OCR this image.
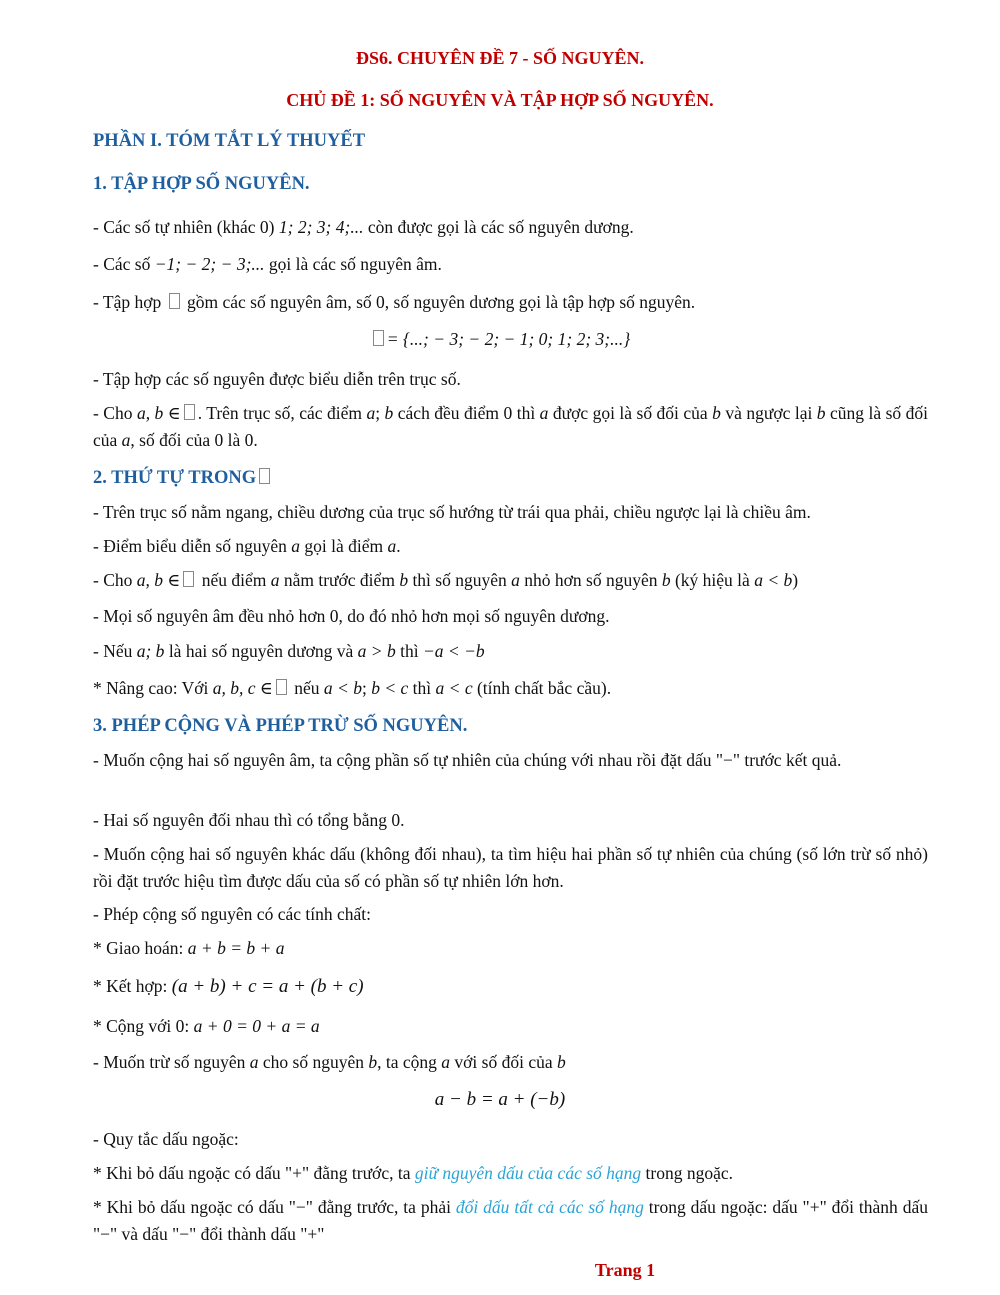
ĐS6. CHUYÊN ĐỀ 7 - SỐ NGUYÊN.
CHỦ ĐỀ 1: SỐ NGUYÊN VÀ TẬP HỢP SỐ NGUYÊN.
PHẦN I. TÓM TẮT LÝ THUYẾT
1. TẬP HỢP SỐ NGUYÊN.
- Các số tự nhiên (khác 0) 1; 2; 3; 4;... còn được gọi là các số nguyên dương.
- Các số −1; − 2; − 3;... gọi là các số nguyên âm.
- Tập hợp  gồm các số nguyên âm, số 0, số nguyên dương gọi là tập hợp số nguyên.
= {...; − 3; − 2; − 1; 0; 1; 2; 3;...}
- Tập hợp các số nguyên được biểu diễn trên trục số.
- Cho a, b ∈ . Trên trục số, các điểm a; b cách đều điểm 0 thì a được gọi là số đối của b và ngược lại b cũng là số đối của a, số đối của 0 là 0.
2. THỨ TỰ TRONG
- Trên trục số nằm ngang, chiều dương của trục số hướng từ trái qua phải, chiều ngược lại là chiều âm.
- Điểm biểu diễn số nguyên a gọi là điểm a.
- Cho a, b ∈ nếu điểm a nằm trước điểm b thì số nguyên a nhỏ hơn số nguyên b (ký hiệu là a < b)
- Mọi số nguyên âm đều nhỏ hơn 0, do đó nhỏ hơn mọi số nguyên dương.
- Nếu a; b là hai số nguyên dương và a > b thì −a < −b
* Nâng cao: Với a, b, c ∈ nếu a < b; b < c thì a < c (tính chất bắc cầu).
3. PHÉP CỘNG VÀ PHÉP TRỪ SỐ NGUYÊN.
- Muốn cộng hai số nguyên âm, ta cộng phần số tự nhiên của chúng với nhau rồi đặt dấu "−" trước kết quả.
- Hai số nguyên đối nhau thì có tổng bằng 0.
- Muốn cộng hai số nguyên khác dấu (không đối nhau), ta tìm hiệu hai phần số tự nhiên của chúng (số lớn trừ số nhỏ) rồi đặt trước hiệu tìm được dấu của số có phần số tự nhiên lớn hơn.
- Phép cộng số nguyên có các tính chất:
* Giao hoán: a + b = b + a
* Kết hợp: (a + b) + c = a + (b + c)
* Cộng với 0: a + 0 = 0 + a = a
- Muốn trừ số nguyên a cho số nguyên b, ta cộng a với số đối của b
a − b = a + (−b)
- Quy tắc dấu ngoặc:
* Khi bỏ dấu ngoặc có dấu "+" đằng trước, ta giữ nguyên dấu của các số hạng trong ngoặc.
* Khi bỏ dấu ngoặc có dấu "−" đằng trước, ta phải đổi dấu tất cả các số hạng trong dấu ngoặc: dấu "+" đổi thành dấu "−" và dấu "−" đổi thành dấu "+"
Trang 1
